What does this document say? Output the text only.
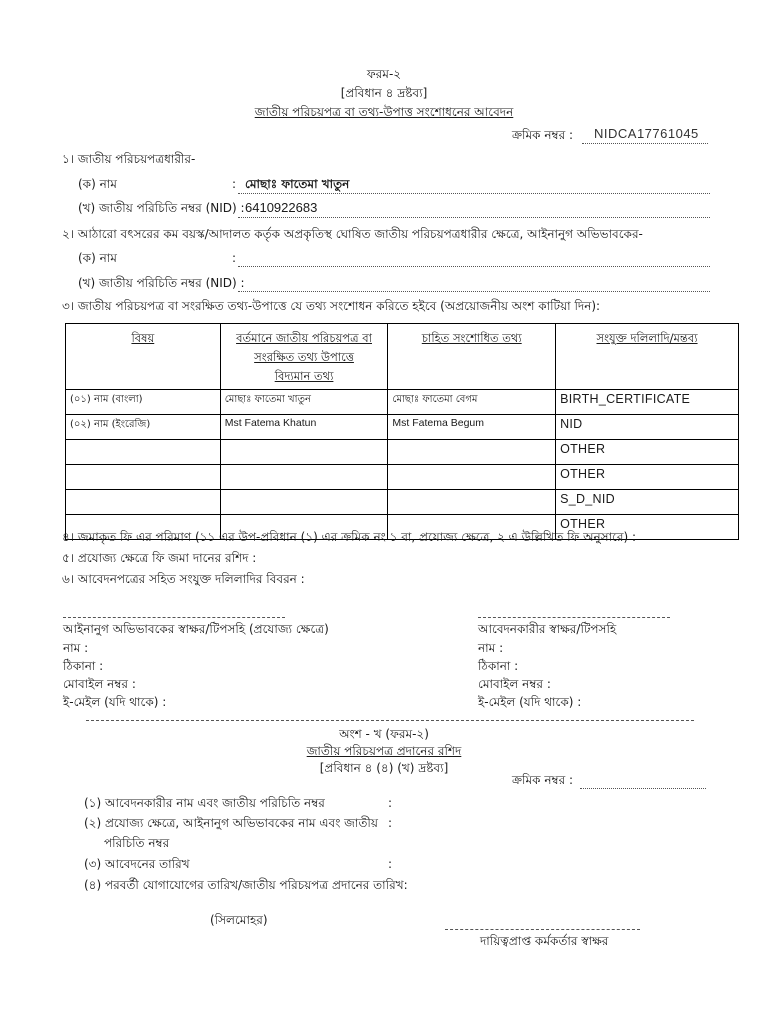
ফরম-২
[প্রবিধান ৪ দ্রষ্টব্য]
জাতীয় পরিচয়পত্র বা তথ্য-উপাত্ত সংশোধনের আবেদন
ক্রমিক নম্বর : NIDCA17761045
১। জাতীয় পরিচয়পত্রধারীর-
(ক) নাম	: মোছাঃ ফাতেমা খাতুন
(খ) জাতীয় পরিচিতি নম্বর (NID) : 6410922683
২। আঠারো বৎসরের কম বয়স্ক/আদালত কর্তৃক অপ্রকৃতিস্থ ঘোষিত জাতীয় পরিচয়পত্রধারীর ক্ষেত্রে, আইনানুগ অভিভাবকের-
(ক) নাম	:
(খ) জাতীয় পরিচিতি নম্বর (NID) :
৩। জাতীয় পরিচয়পত্র বা সংরক্ষিত তথ্য-উপাত্তে যে তথ্য সংশোধন করিতে হইবে (অপ্রয়োজনীয় অংশ কাটিয়া দিন):
বিষয়	বর্তমানে জাতীয় পরিচয়পত্র বা
সংরক্ষিত তথ্য উপাত্তে
বিদ্যমান তথ্য	চাহিত সংশোধিত তথ্য	সংযুক্ত দলিলাদি/মন্তব্য
(০১) নাম (বাংলা)	মোছাঃ ফাতেমা খাতুন	মোছাঃ ফাতেমা বেগম	BIRTH_CERTIFICATE
(০২) নাম (ইংরেজি)	Mst Fatema Khatun	Mst Fatema Begum	NID
			OTHER
			OTHER
			S_D_NID
			OTHER
৪। জমাকৃত ফি এর পরিমাণ (১১ এর উপ-প্রবিধান (১) এর ক্রমিক নং ১ বা, প্রযোজ্য ক্ষেত্রে, ২ এ উল্লিখিত ফি অনুসারে) :
৫। প্রযোজ্য ক্ষেত্রে ফি জমা দানের রশিদ :
৬। আবেদনপত্রের সহিত সংযুক্ত দলিলাদির বিবরন :
আইনানুগ অভিভাবকের স্বাক্ষর/টিপসহি (প্রযোজ্য ক্ষেত্রে)
নাম :
ঠিকানা :
মোবাইল নম্বর :
ই-মেইল (যদি থাকে) :
আবেদনকারীর স্বাক্ষর/টিপসহি
নাম :
ঠিকানা :
মোবাইল নম্বর :
ই-মেইল (যদি থাকে) :
অংশ - খ (ফরম-২)
জাতীয় পরিচয়পত্র প্রদানের রশিদ
[প্রবিধান ৪ (৪) (খ) দ্রষ্টব্য]
ক্রমিক নম্বর :
(১) আবেদনকারীর নাম এবং জাতীয় পরিচিতি নম্বর	:
(২) প্রযোজ্য ক্ষেত্রে, আইনানুগ অভিভাবকের নাম এবং জাতীয় :
পরিচিতি নম্বর
(৩) আবেদনের তারিখ	:
(৪) পরবর্তী যোগাযোগের তারিখ/জাতীয় পরিচয়পত্র প্রদানের তারিখ:
(সিলমোহর)
দায়িত্বপ্রাপ্ত কর্মকর্তার স্বাক্ষর
